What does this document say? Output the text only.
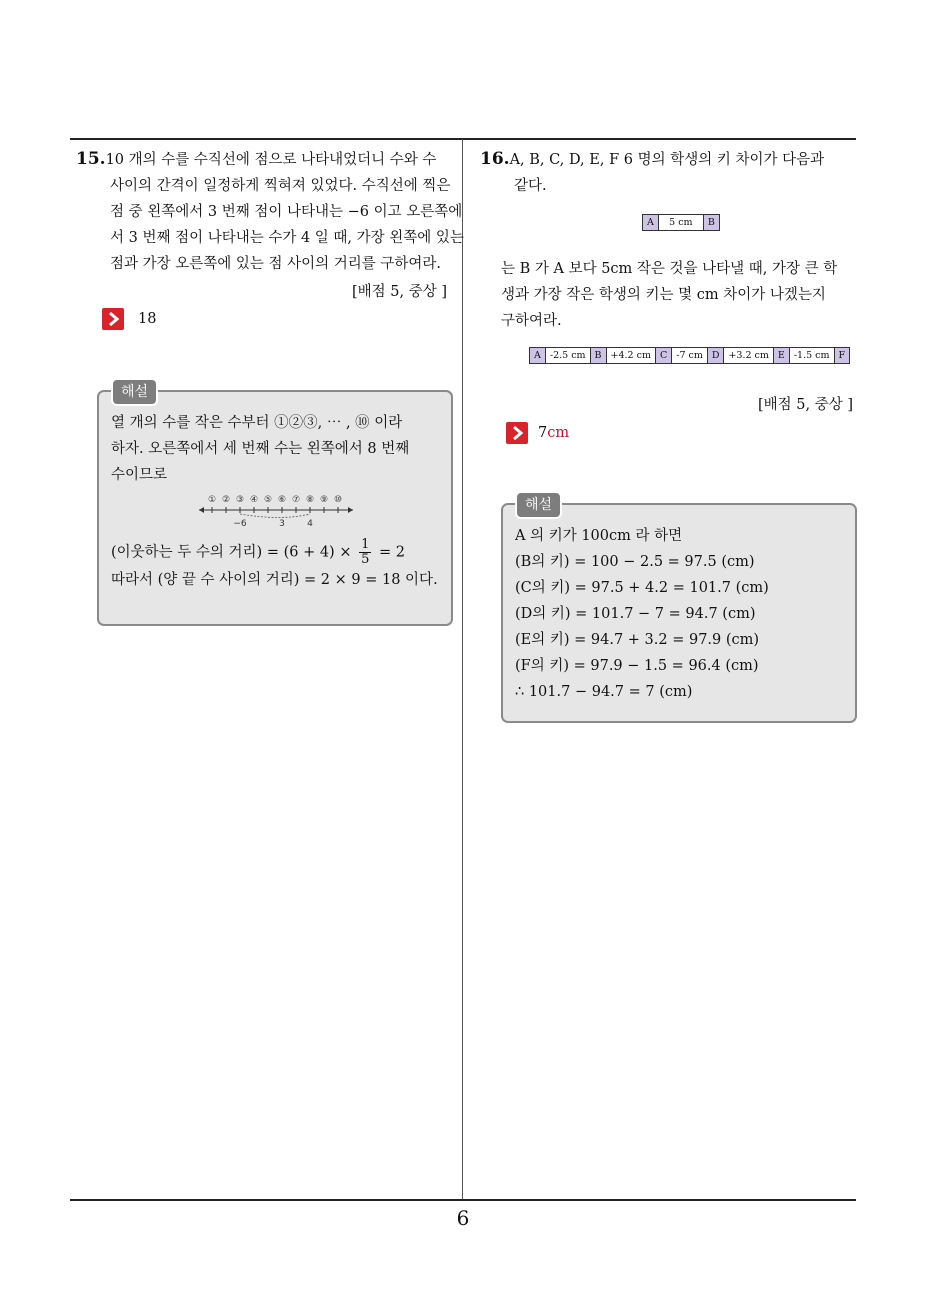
6
15.10 개의 수를 수직선에 점으로 나타내었더니 수와 수
사이의 간격이 일정하게 찍혀져 있었다. 수직선에 찍은
점 중 왼쪽에서 3 번째 점이 나타내는 −6 이고 오른쪽에
서 3 번째 점이 나타내는 수가 4 일 때, 가장 왼쪽에 있는
점과 가장 오른쪽에 있는 점 사이의 거리를 구하여라.
[배점 5, 중상 ]
18
해설
열 개의 수를 작은 수부터 ①②③, ⋯ , ⑩ 이라
하자. 오른쪽에서 세 번째 수는 왼쪽에서 8 번째
수이므로
① ② ③ ④ ⑤ ⑥ ⑦ ⑧ ⑨ ⑩
−6	3 4
(이웃하는 두 수의 거리) = $(6 + 4) \times \frac{1}{5} = 2$
따라서 (양 끝 수 사이의 거리) = 2 × 9 = 18 이다.
16.A, B, C, D, E, F 6 명의 학생의 키 차이가 다음과
같다.
A	5 cm	B
는 B 가 A 보다 5cm 작은 것을 나타낼 때, 가장 큰 학
생과 가장 작은 학생의 키는 몇 cm 차이가 나겠는지
구하여라.
A	-2.5 cm	B	+4.2 cm	C	-7 cm	D	+3.2 cm	E	-1.5 cm	F
[배점 5, 중상 ]
7cm
해설
A 의 키가 100cm 라 하면
(B의 키) = 100 − 2.5 = 97.5 (cm)
(C의 키) = 97.5 + 4.2 = 101.7 (cm)
(D의 키) = 101.7 − 7 = 94.7 (cm)
(E의 키) = 94.7 + 3.2 = 97.9 (cm)
(F의 키) = 97.9 − 1.5 = 96.4 (cm)
∴ 101.7 − 94.7 = 7 (cm)
